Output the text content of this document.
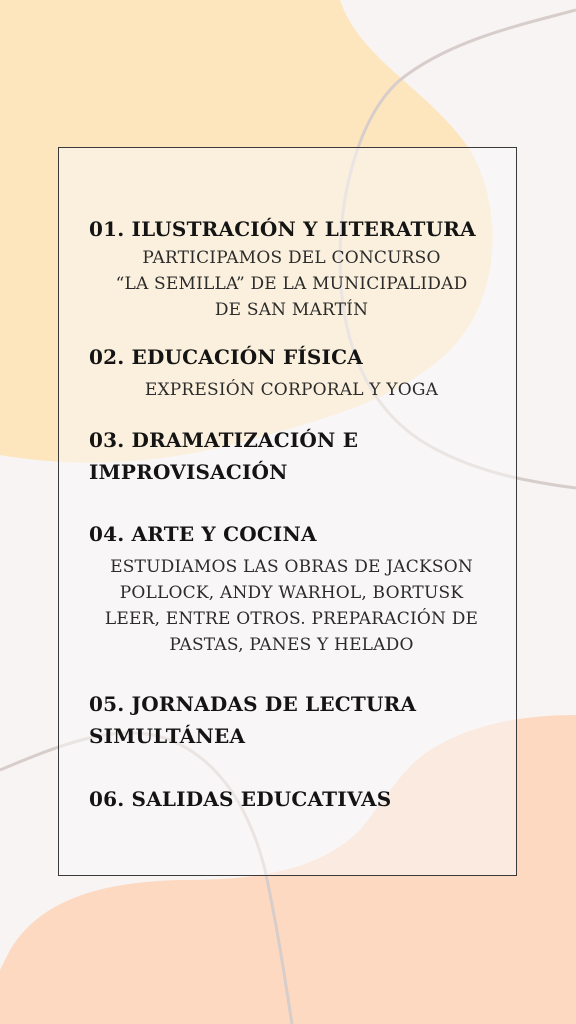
01. ILUSTRACIÓN Y LITERATURA

PARTICIPAMOS DEL CONCURSO

“LA SEMILLA” DE LA MUNICIPALIDAD

DE SAN MARTÍN

02. EDUCACIÓN FÍSICA

EXPRESIÓN CORPORAL Y YOGA

03. DRAMATIZACIÓN E

IMPROVISACIÓN

04. ARTE Y COCINA

ESTUDIAMOS LAS OBRAS DE JACKSON

POLLOCK, ANDY WARHOL, BORTUSK

LEER, ENTRE OTROS. PREPARACIÓN DE

PASTAS, PANES Y HELADO

05. JORNADAS DE LECTURA

SIMULTÁNEA

06. SALIDAS EDUCATIVAS
